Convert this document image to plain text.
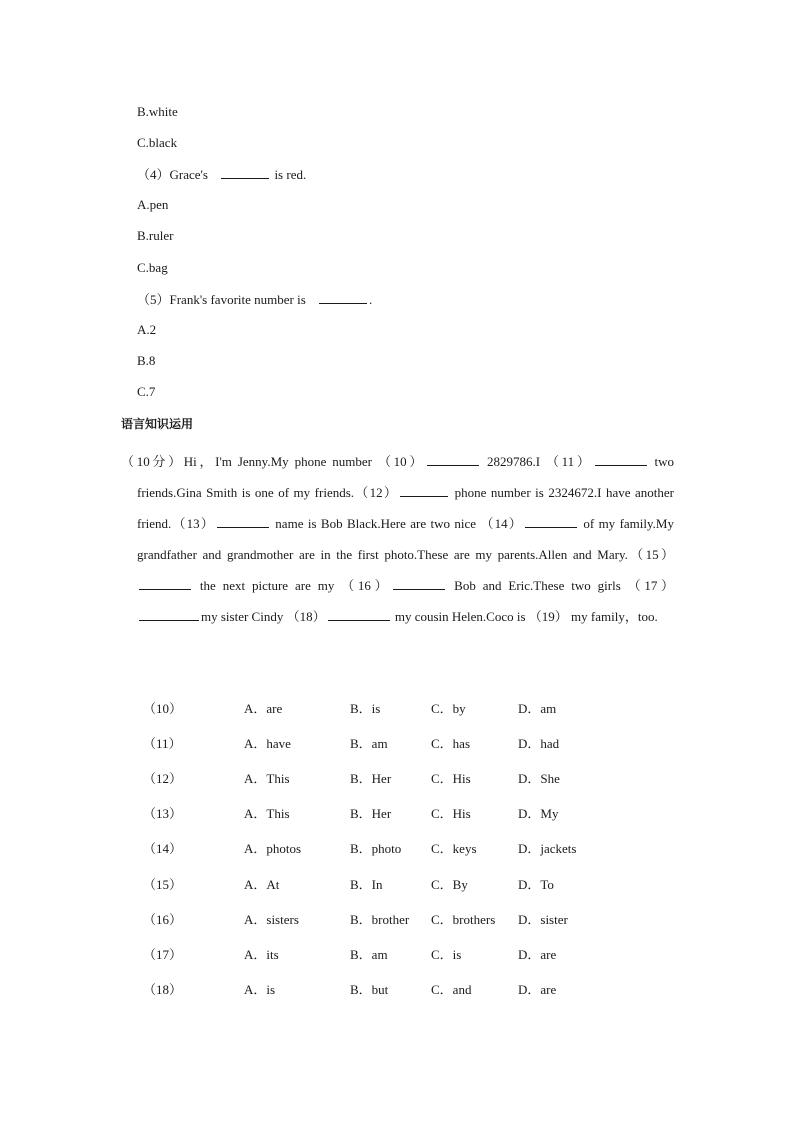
B.white
C.black
（4）Grace's	is red.
A.pen
B.ruler
C.bag
（5）Frank's favorite number is	.
A.2
B.8
C.7
语言知识运用
（10分）Hi，I'm Jenny.My phone number （10）	2829786.I （11）	two friends.Gina Smith is one of my friends.（12）	phone number is 2324672.I have another friend.（13）	name is Bob Black.Here are two nice （14）	of my family.My grandfather and grandmother are in the first photo.These are my parents.Allen and Mary.（15） the next picture are my （16）	Bob and Eric.These two girls （17）my sister Cindy （18）	my cousin Helen.Coco is （19） my family，too.
（10）	A．are	B．is	C．by	D．am
（11）	A．have	B．am	C．has	D．had
（12）	A．This	B．Her	C．His	D．She
（13）	A．This	B．Her	C．His	D．My
（14）	A．photos	B．photo C．keys	D．jackets
（15）	A．At	B．In	C．By	D．To
（16）	A．sisters	B．brother C．brothers D．sister
（17）	A．its	B．am	C．is	D．are
（18）	A．is	B．but	C．and	D．are
